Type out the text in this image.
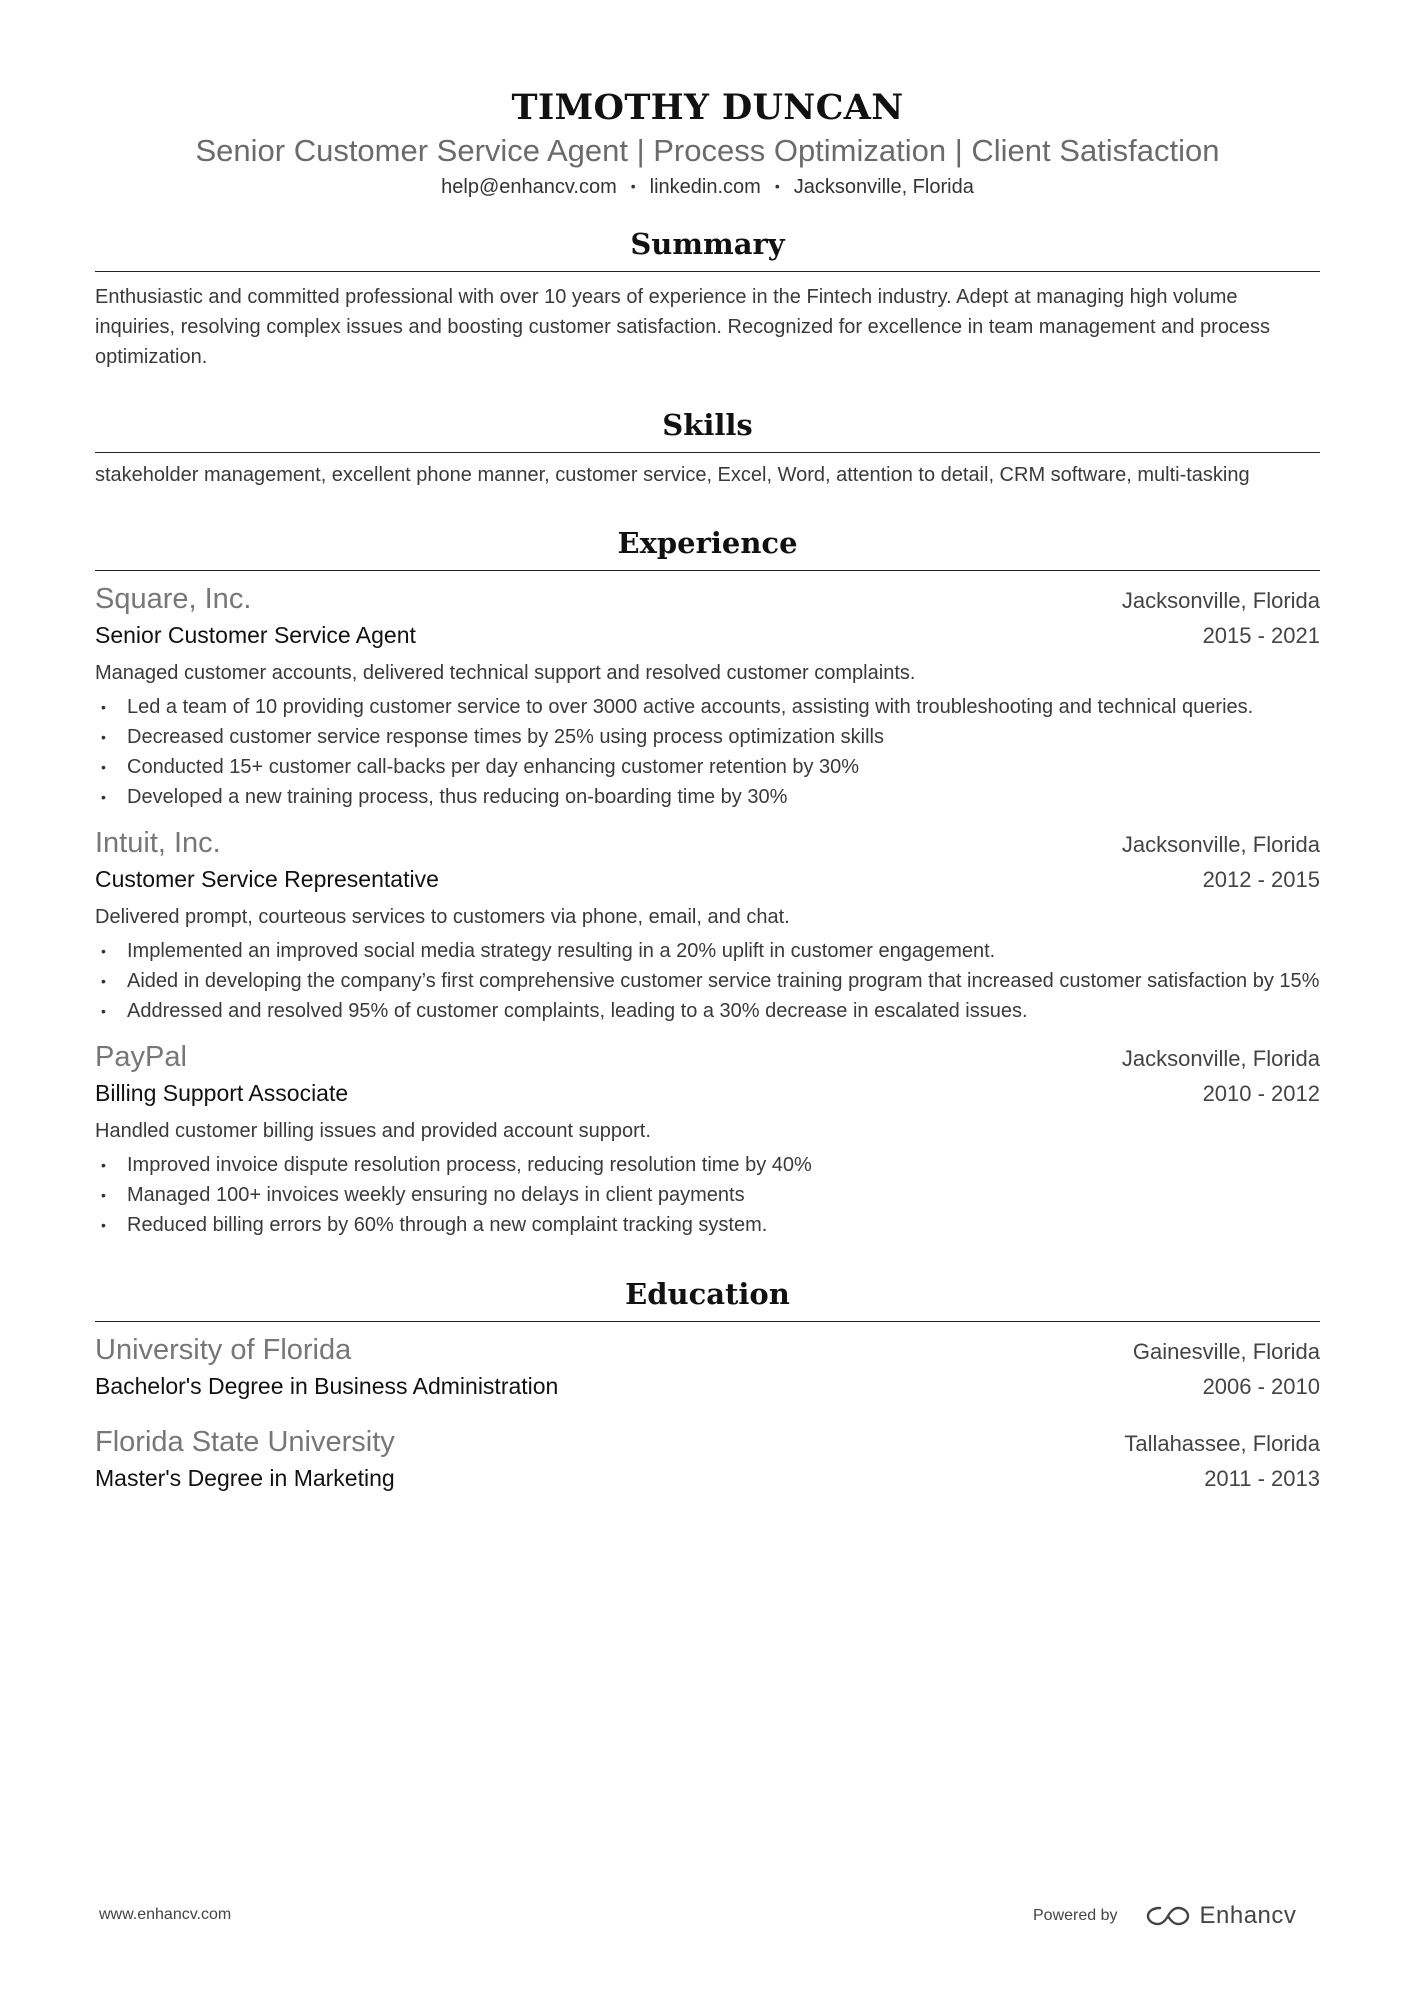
TIMOTHY DUNCAN
Senior Customer Service Agent | Process Optimization | Client Satisfaction
help@enhancv.com • linkedin.com • Jacksonville, Florida
Summary
Enthusiastic and committed professional with over 10 years of experience in the Fintech industry. Adept at managing high volume inquiries, resolving complex issues and boosting customer satisfaction. Recognized for excellence in team management and process optimization.
Skills
stakeholder management, excellent phone manner, customer service, Excel, Word, attention to detail, CRM software, multi-tasking
Experience
Square, Inc.	Jacksonville, Florida
Senior Customer Service Agent	2015 - 2021
Managed customer accounts, delivered technical support and resolved customer complaints.
• Led a team of 10 providing customer service to over 3000 active accounts, assisting with troubleshooting and technical queries.
• Decreased customer service response times by 25% using process optimization skills
• Conducted 15+ customer call-backs per day enhancing customer retention by 30%
• Developed a new training process, thus reducing on-boarding time by 30%
Intuit, Inc.	Jacksonville, Florida
Customer Service Representative	2012 - 2015
Delivered prompt, courteous services to customers via phone, email, and chat.
• Implemented an improved social media strategy resulting in a 20% uplift in customer engagement.
• Aided in developing the company’s first comprehensive customer service training program that increased customer satisfaction by 15%
• Addressed and resolved 95% of customer complaints, leading to a 30% decrease in escalated issues.
PayPal	Jacksonville, Florida
Billing Support Associate	2010 - 2012
Handled customer billing issues and provided account support.
• Improved invoice dispute resolution process, reducing resolution time by 40%
• Managed 100+ invoices weekly ensuring no delays in client payments
• Reduced billing errors by 60% through a new complaint tracking system.
Education
University of Florida	Gainesville, Florida
Bachelor's Degree in Business Administration	2006 - 2010
Florida State University	Tallahassee, Florida
Master's Degree in Marketing	2011 - 2013
www.enhancv.com	Powered by	Enhancv
